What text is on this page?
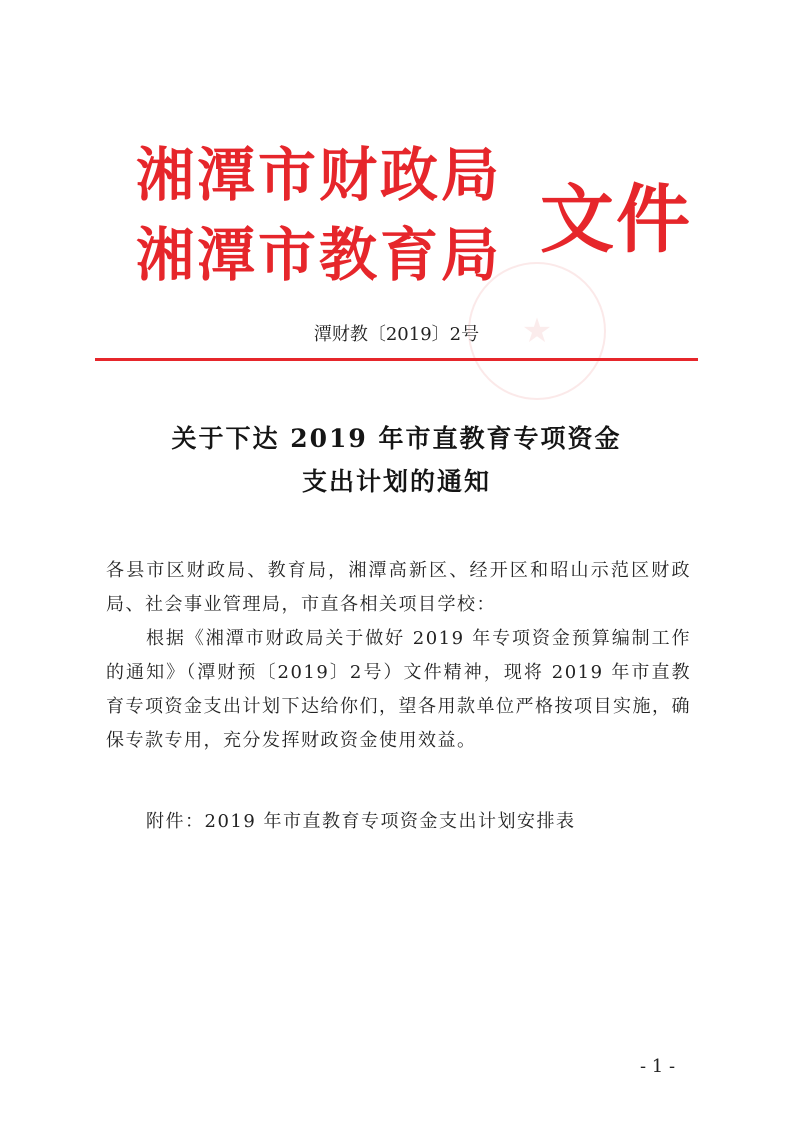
★
湘潭市财政局
湘潭市教育局 文件
潭财教〔2019〕2号
关于下达 2019 年市直教育专项资金
支出计划的通知
各县市区财政局、教育局，湘潭高新区、经开区和昭山示范区财政局、社会事业管理局，市直各相关项目学校：
根据《湘潭市财政局关于做好 2019 年专项资金预算编制工作的通知》（潭财预〔2019〕2号）文件精神，现将 2019 年市直教育专项资金支出计划下达给你们，望各用款单位严格按项目实施，确保专款专用，充分发挥财政资金使用效益。
附件：2019 年市直教育专项资金支出计划安排表
- 1 -
